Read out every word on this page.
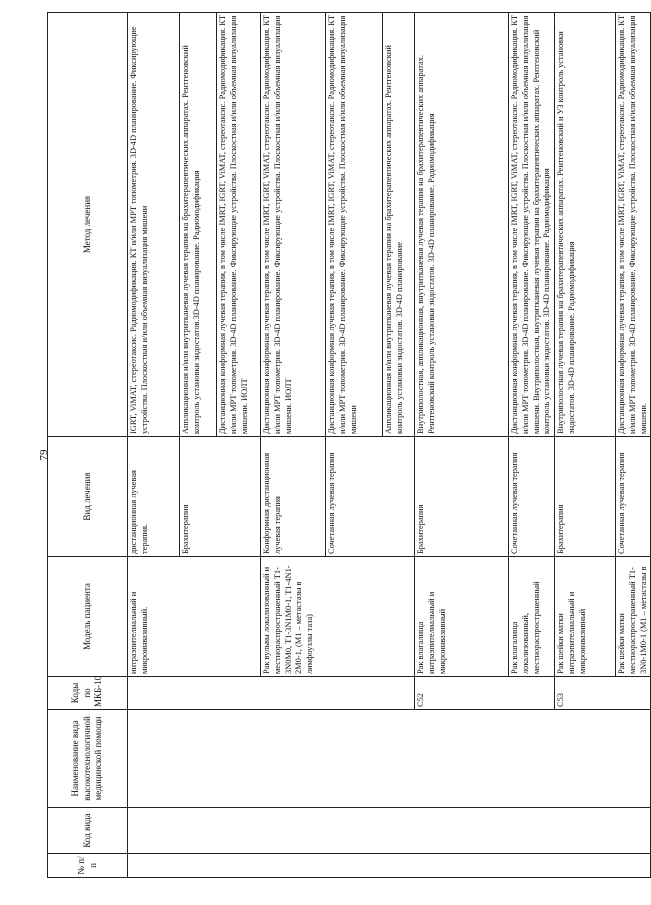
79
№ п/п	Код вида	Наименование вида высокотехнологичной медицинской помощи	Коды по МКБ-10	Модель пациента	Вид лечения	Метод лечения
				интраэпителиальный и микроинвазивный.	дистанционная лучевая терапия.	IGRT, ViMAT, стереотаксис. Радиомодификация. КТ и/или МРТ топометрия. 3D-4D планирование. Фиксирующие устройства. Плоскостная и/или объемная визуализация мишени
					Брахитерапия	Аппликационная и/или внутритканевая лучевая терапия на брахитерапевтических аппаратах. Рентгеновский контроль установки эндостатов.3D-4D планирование. Радиомодификация
						Дистанционная конформная лучевая терапия, в том числе IMRT, IGRT, ViMAT, стереотаксис. Радиомодификация. КТ и/или МРТ топометрия. 3D-4D планирование. Фиксирующие устройства. Плоскостная и/или объемная визуализация мишени. ИОЛТ
				Рак вульвы локализованный и местнораспространенный T1-3N0M0, T1-3N1M0-1, T1-4N1-2M0-1, (M1 – метастазы в лимфоузлы таза)	Конформная дистанционная лучевая терапия	Дистанционная конформная лучевая терапия, в том числе IMRT, IGRT, ViMAT, стереотаксис. Радиомодификация. КТ и/или МРТ топометрия. 3D-4D планирование. Фиксирующие устройства. Плоскостная и/или объемная визуализация мишени. ИОЛТ
					Сочетанная лучевая терапия	Дистанционная конформная лучевая терапия, в том числе IMRT, IGRT, ViMAT, стереотаксис. Радиомодификация. КТ и/или МРТ топометрия. 3D-4D планирование. Фиксирующие устройства. Плоскостная и/или объемная визуализация мишени
						Аппликационная и/или внутритканевая лучевая терапия на брахитерапевтических аппаратах. Рентгеновский контроль установки эндостатов. 3D-4D планирование
			C52	Рак влагалища интраэпителиальный и микроинвазивный	Брахитерапия	Внутриполостная, аппликационная, внутритканевая лучевая терапия на брахитерапевтических аппаратах. Рентгеновский контроль установки эндостатов. 3D-4D планирование. Радиомодификация
				Рак влагалища локализованный, местнораспространенный	Сочетанная лучевая терапия	Дистанционная конформная лучевая терапия, в том числе IMRT, IGRT, ViMAT, стереотаксис. Радиомодификация. КТ и/или МРТ топометрия. 3D-4D планирование. Фиксирующие устройства. Плоскостная и/или объемная визуализация мишени. Внутриполостная, внутритканевая лучевая терапия на брахитерапевтических аппаратах. Рентгеновский контроль установки эндостатов. 3D-4D планирование. Радиомодификация
			C53	Рак шейки матки интраэпителиальный и микроинвазивный	Брахитерапия	Внутриполостная лучевая терапия на брахитерапевтических аппаратах. Рентгеновский и УЗ контроль установки эндостатов. 3D-4D планирование. Радиомодификация
				Рак шейки матки местнораспространенный T1-3N0-1M0-1 (M1 – метастазы в	Сочетанная лучевая терапия	Дистанционная конформная лучевая терапия, в том числе IMRT, IGRT, ViMAT, стереотаксис. Радиомодификация. КТ и/или МРТ топометрия. 3D-4D планирование. Фиксирующие устройства. Плоскостная и/или объемная визуализация мишени.
